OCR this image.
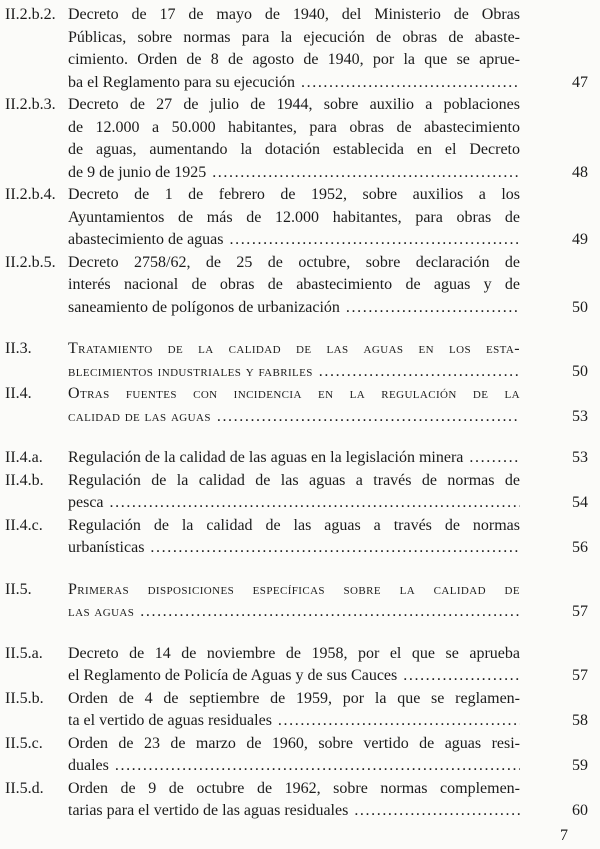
II.2.b.2. Decreto de 17 de mayo de 1940, del Ministerio de Obras
Públicas, sobre normas para la ejecución de obras de abaste-
cimiento. Orden de 8 de agosto de 1940, por la que se aprue-
ba el Reglamento para su ejecución .....	47
II.2.b.3. Decreto de 27 de julio de 1944, sobre auxilio a poblaciones
de 12.000 a 50.000 habitantes, para obras de abastecimiento
de aguas, aumentando la dotación establecida en el Decreto
de 9 de junio de 1925 .....	48
II.2.b.4. Decreto de 1 de febrero de 1952, sobre auxilios a los
Ayuntamientos de más de 12.000 habitantes, para obras de
abastecimiento de aguas .....	49
II.2.b.5. Decreto 2758/62, de 25 de octubre, sobre declaración de
interés nacional de obras de abastecimiento de aguas y de
saneamiento de polígonos de urbanización .....	50
II.3.	Tratamiento de la calidad de las aguas en los esta-
blecimientos industriales y fabriles .....	50
II.4.	Otras fuentes con incidencia en la regulación de la
calidad de las aguas .....	53
II.4.a.	Regulación de la calidad de las aguas en la legislación minera .....	53
II.4.b.	Regulación de la calidad de las aguas a través de normas de
pesca .....	54
II.4.c.	Regulación de la calidad de las aguas a través de normas
urbanísticas .....	56
II.5.	Primeras disposiciones específicas sobre la calidad de
las aguas .....	57
II.5.a.	Decreto de 14 de noviembre de 1958, por el que se aprueba
el Reglamento de Policía de Aguas y de sus Cauces .....	57
II.5.b.	Orden de 4 de septiembre de 1959, por la que se reglamen-
ta el vertido de aguas residuales .....	58
II.5.c.	Orden de 23 de marzo de 1960, sobre vertido de aguas resi-
duales .....	59
II.5.d.	Orden de 9 de octubre de 1962, sobre normas complemen-
tarias para el vertido de las aguas residuales .....	60
7
